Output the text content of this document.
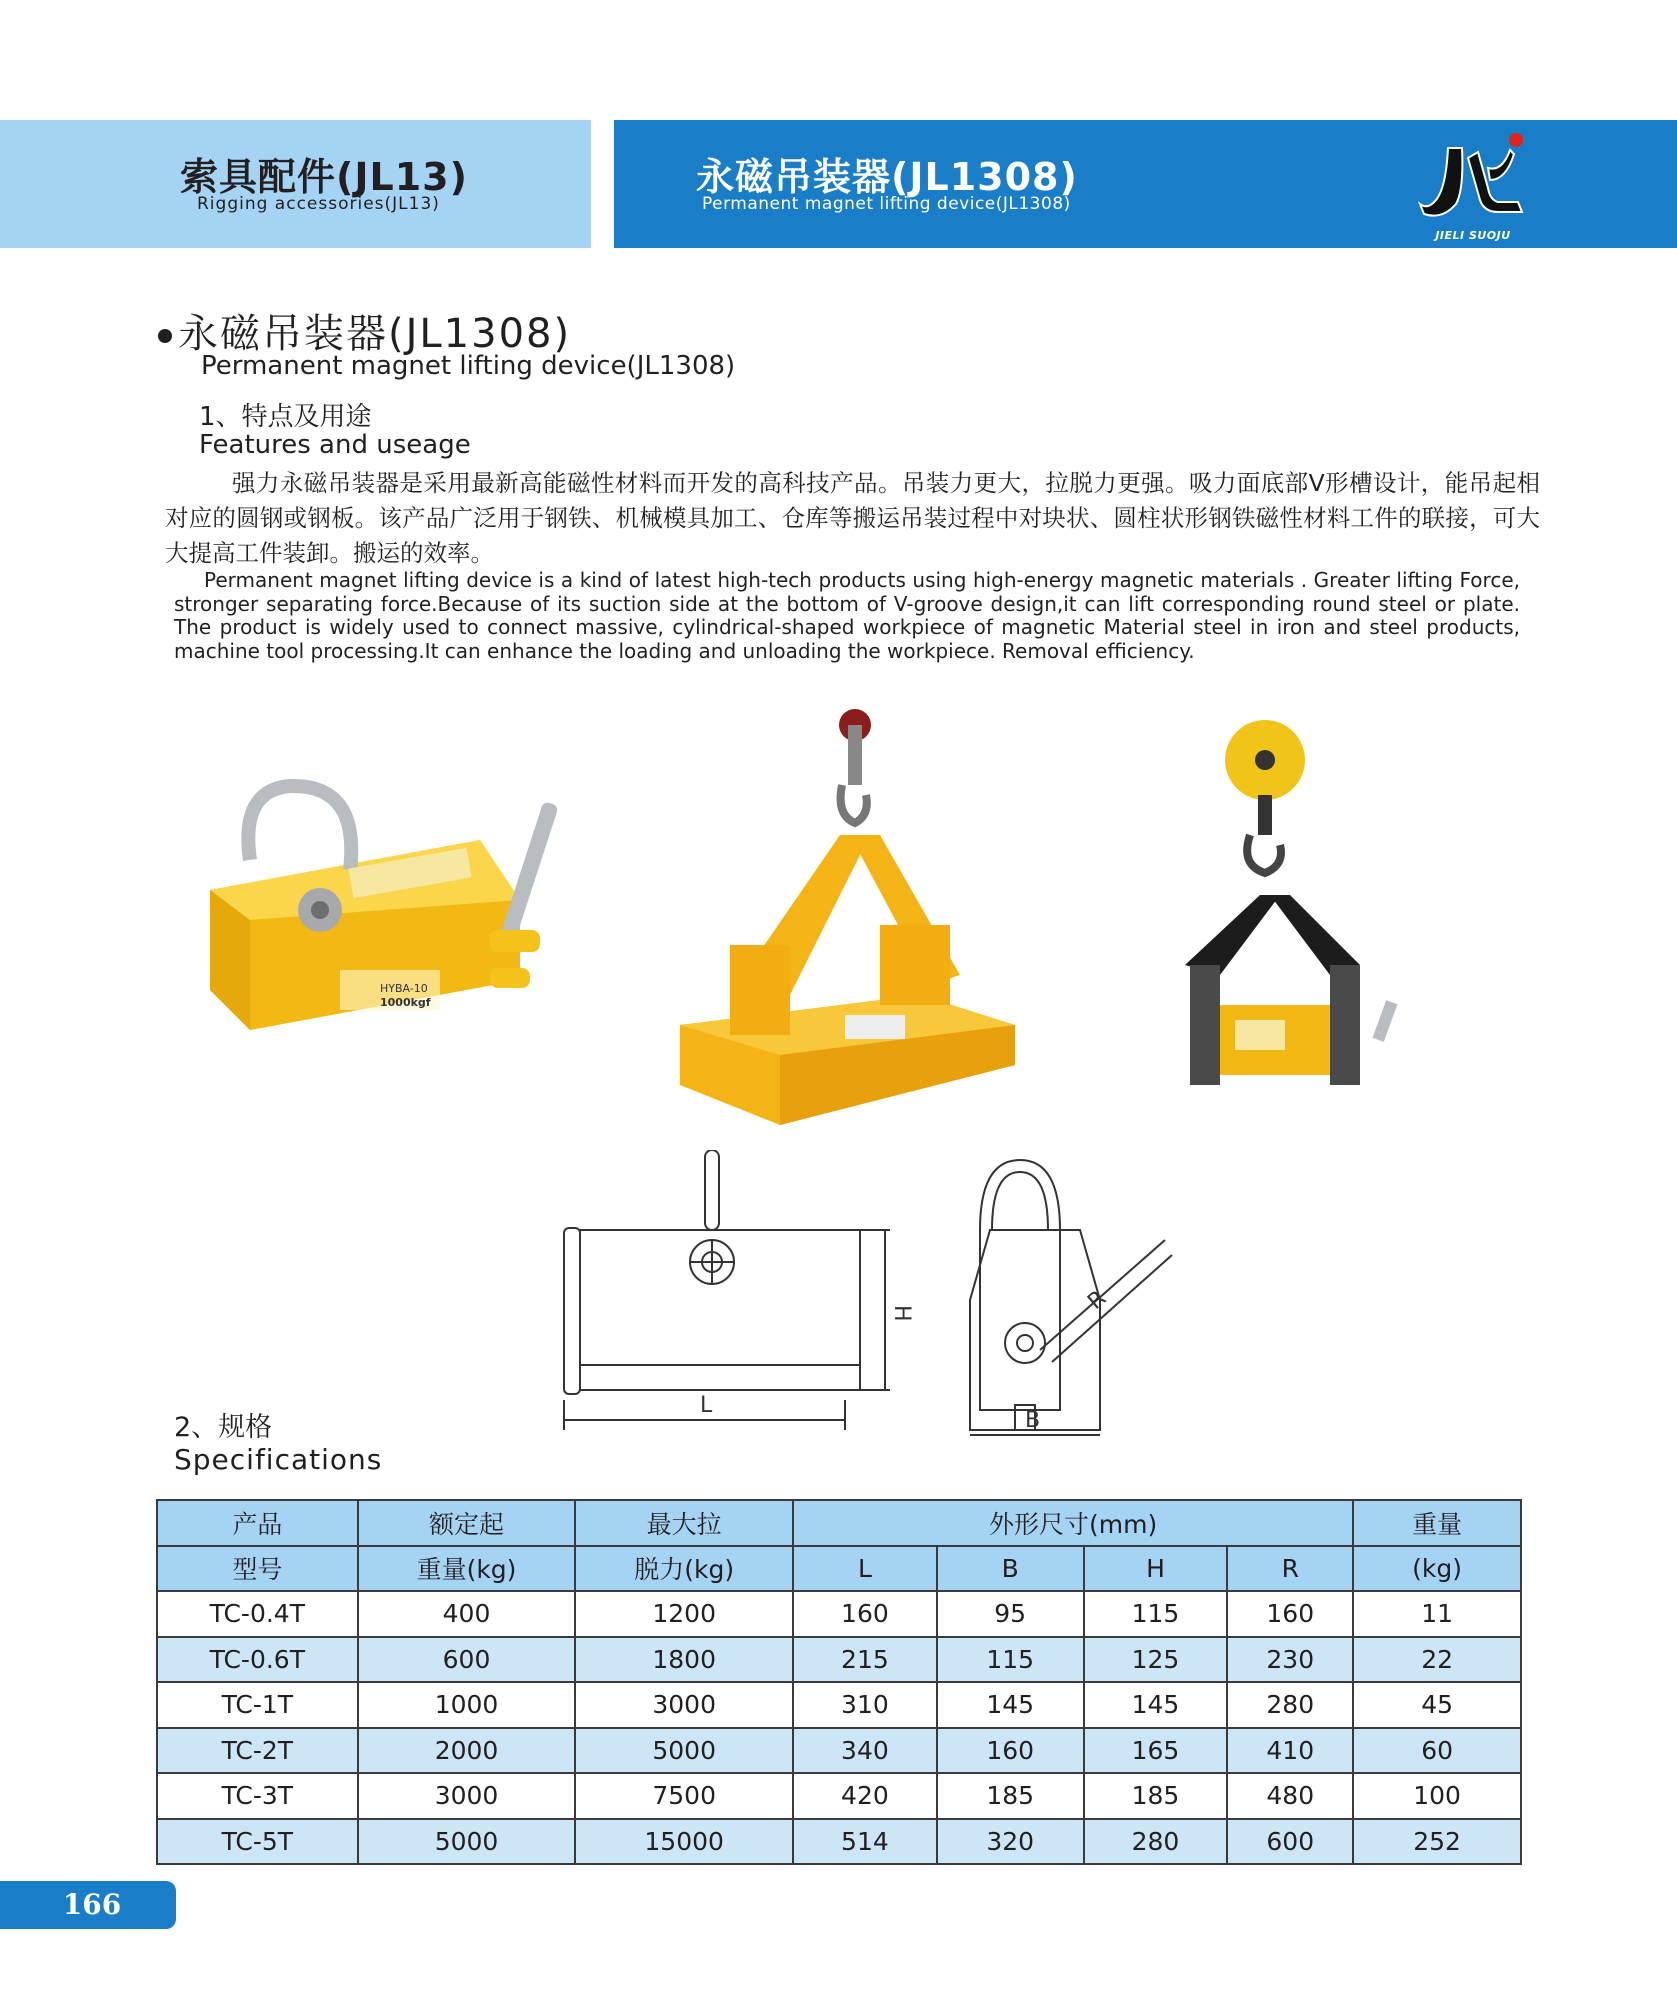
索具配件(JL13)
Rigging accessories(JL13)
永磁吊装器(JL1308)
Permanent magnet lifting device(JL1308)
JIELI SUOJU
永磁吊装器(JL1308)
Permanent magnet lifting device(JL1308)
1、特点及用途
Features and useage
强力永磁吊装器是采用最新高能磁性材料而开发的高科技产品。吊装力更大，拉脱力更强。吸力面底部V形槽设计，能吊起相对应的圆钢或钢板。该产品广泛用于钢铁、机械模具加工、仓库等搬运吊装过程中对块状、圆柱状形钢铁磁性材料工件的联接，可大大提高工件装卸。搬运的效率。
Permanent magnet lifting device is a kind of latest high-tech products using high-energy magnetic materials . Greater lifting Force, stronger separating force.Because of its suction side at the bottom of V-groove design,it can lift corresponding round steel or plate. The product is widely used to connect massive, cylindrical-shaped workpiece of magnetic Material steel in iron and steel products, machine tool processing.It can enhance the loading and unloading the workpiece. Removal efficiency.
HYBA-10
1000kgf
L
H
B
R
2、规格
Specifications
产品	额定起	最大拉	外形尺寸(mm)				重量
型号	重量(kg)	脱力(kg)	L	B	H	R	(kg)
TC-0.4T	400	1200	160	95	115	160	11
TC-0.6T	600	1800	215	115	125	230	22
TC-1T	1000	3000	310	145	145	280	45
TC-2T	2000	5000	340	160	165	410	60
TC-3T	3000	7500	420	185	185	480	100
TC-5T	5000	15000	514	320	280	600	252
166
